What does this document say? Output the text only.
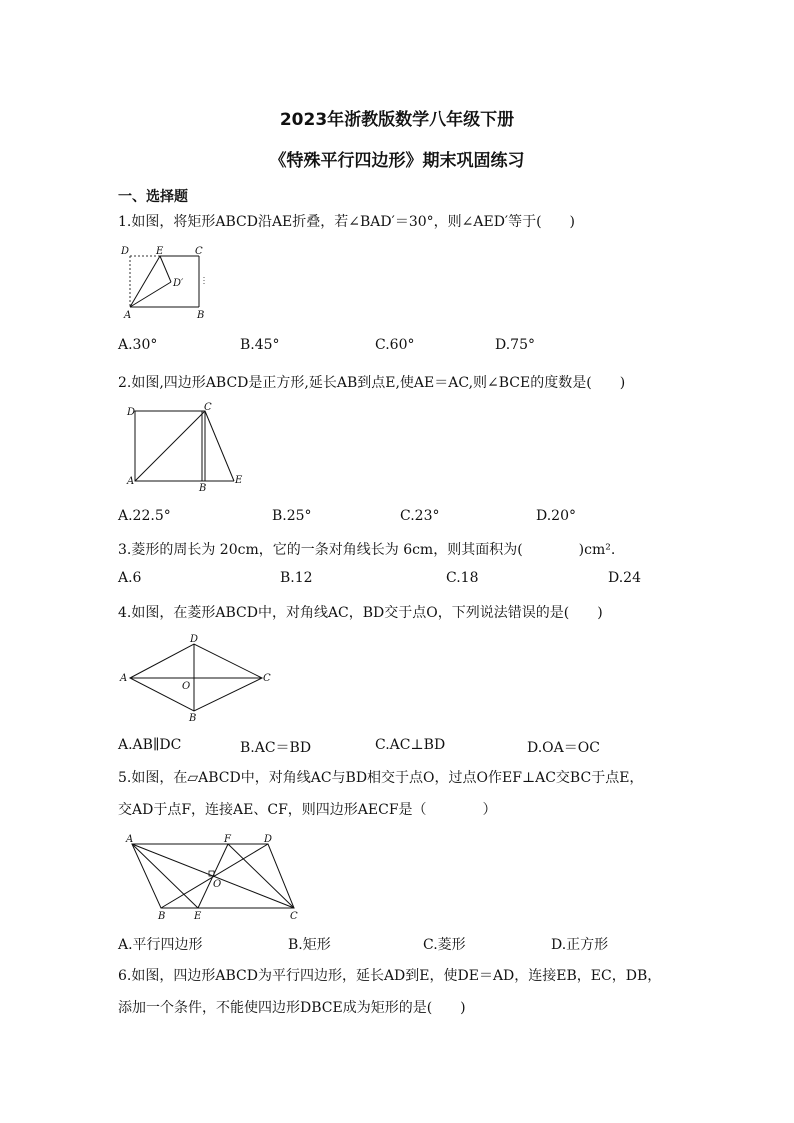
2023年浙教版数学八年级下册
《特殊平行四边形》期末巩固练习
一、选择题
1.如图，将矩形ABCD沿AE折叠，若∠BAD′＝30°，则∠AED′等于(　　)
D	E	C
D′
A	B
A.30°	B.45°	C.60°	D.75°
2.如图,四边形ABCD是正方形,延长AB到点E,使AE＝AC,则∠BCE的度数是(　　)
D	C
A
B
E
A.22.5°	B.25°	C.23°	D.20°
3.菱形的周长为 20cm，它的一条对角线长为 6cm，则其面积为(　　　　)cm².
A.6	B.12	C.18	D.24
4.如图，在菱形ABCD中，对角线AC，BD交于点O，下列说法错误的是(　　)
D
A
O
C
B
A.AB∥DC	B.AC＝BD	C.AC⊥BD	D.OA＝OC
5.如图，在▱ABCD中，对角线AC与BD相交于点O，过点O作EF⊥AC交BC于点E，
交AD于点F，连接AE、CF，则四边形AECF是（　　　　）
A	F	D
O
B	E	C
A.平行四边形	B.矩形	C.菱形	D.正方形
6.如图，四边形ABCD为平行四边形，延长AD到E，使DE＝AD，连接EB，EC，DB，
添加一个条件，不能使四边形DBCE成为矩形的是(　　)
